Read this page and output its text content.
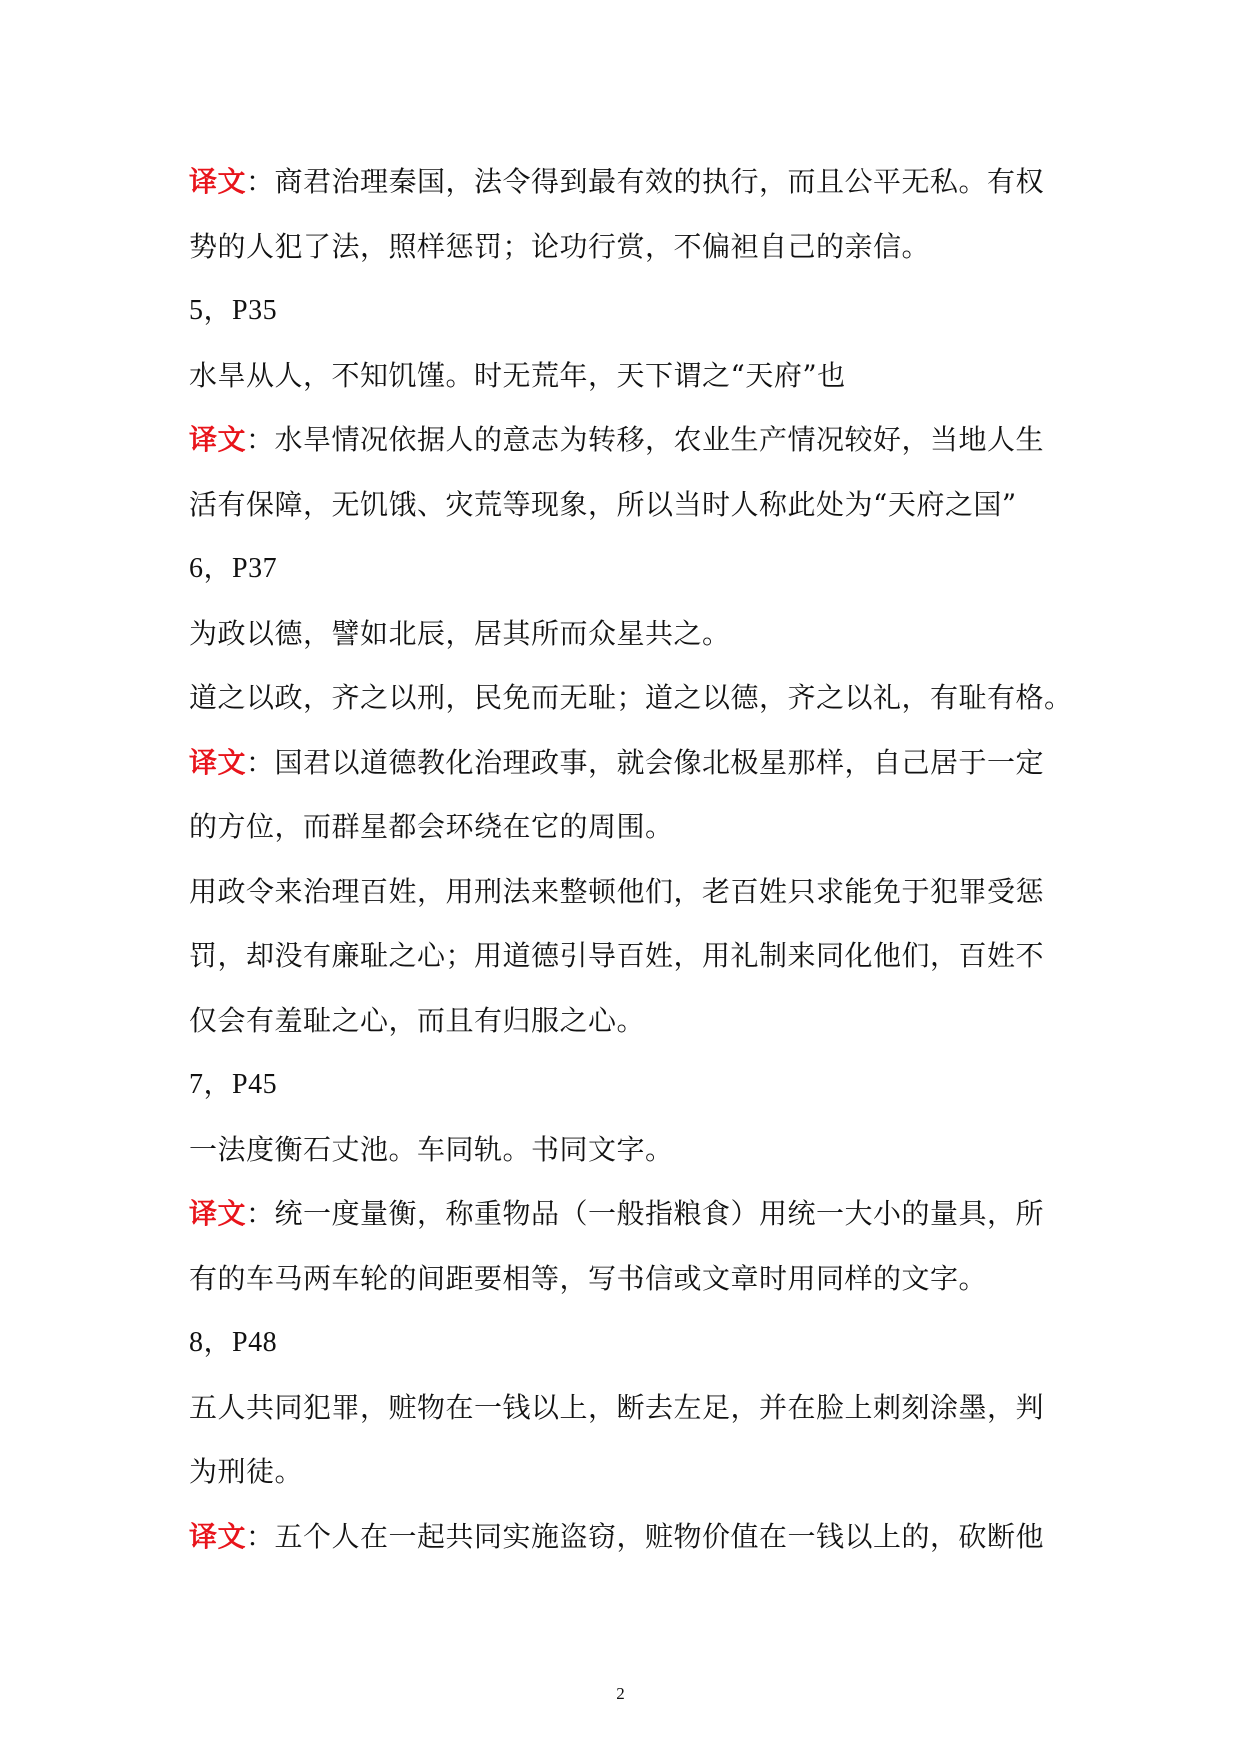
译文：商君治理秦国，法令得到最有效的执行，而且公平无私。有权
势的人犯了法，照样惩罚；论功行赏，不偏袒自己的亲信。
5，P35
水旱从人，不知饥馑。时无荒年，天下谓之“天府”也
译文：水旱情况依据人的意志为转移，农业生产情况较好，当地人生
活有保障，无饥饿、灾荒等现象，所以当时人称此处为“天府之国”
6，P37
为政以德，譬如北辰，居其所而众星共之。
道之以政，齐之以刑，民免而无耻；道之以德，齐之以礼，有耻有格。
译文：国君以道德教化治理政事，就会像北极星那样，自己居于一定
的方位，而群星都会环绕在它的周围。
用政令来治理百姓，用刑法来整顿他们，老百姓只求能免于犯罪受惩
罚，却没有廉耻之心；用道德引导百姓，用礼制来同化他们，百姓不
仅会有羞耻之心，而且有归服之心。
7，P45
一法度衡石丈池。车同轨。书同文字。
译文：统一度量衡，称重物品（一般指粮食）用统一大小的量具，所
有的车马两车轮的间距要相等，写书信或文章时用同样的文字。
8，P48
五人共同犯罪，赃物在一钱以上，断去左足，并在脸上刺刻涂墨，判
为刑徒。
译文：五个人在一起共同实施盗窃，赃物价值在一钱以上的，砍断他
2
